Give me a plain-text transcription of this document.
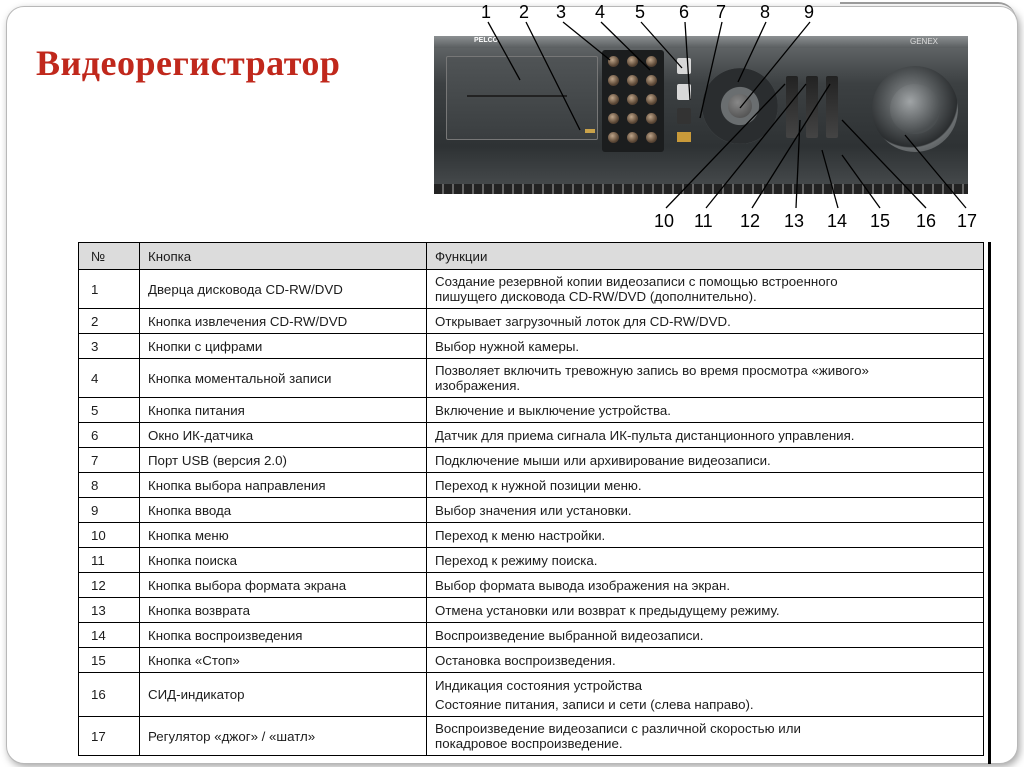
Видеорегистратор
PELCO	GENEX
1 2 3 4 5 6 7 8 9
10 11 12 13 14 15 16 17
№	Кнопка	Функции
1	Дверца дисковода CD-RW/DVD	Создание резервной копии видеозаписи с помощью встроенного
пишущего дисковода CD-RW/DVD (дополнительно).

2	Кнопка извлечения CD-RW/DVD	Открывает загрузочный лоток для CD-RW/DVD.

3	Кнопки с цифрами	Выбор нужной камеры.

4	Кнопка моментальной записи	Позволяет включить тревожную запись во время просмотра «живого»
изображения.

5	Кнопка питания	Включение и выключение устройства.

6	Окно ИК-датчика	Датчик для приема сигнала ИК-пульта дистанционного управления.

7	Порт USB (версия 2.0)	Подключение мыши или архивирование видеозаписи.

8	Кнопка выбора направления	Переход к нужной позиции меню.

9	Кнопка ввода	Выбор значения или установки.

10	Кнопка меню	Переход к меню настройки.

11	Кнопка поиска	Переход к режиму поиска.

12	Кнопка выбора формата экрана	Выбор формата вывода изображения на экран.

13	Кнопка возврата	Отмена установки или возврат к предыдущему режиму.

14	Кнопка воспроизведения	Воспроизведение выбранной видеозаписи.

15	Кнопка «Стоп»	Остановка воспроизведения.

16	СИД-индикатор	Индикация состояния устройства
Состояние питания, записи и сети (слева направо).

17	Регулятор «джог» / «шатл»	Воспроизведение видеозаписи с различной скоростью или
покадровое воспроизведение.
